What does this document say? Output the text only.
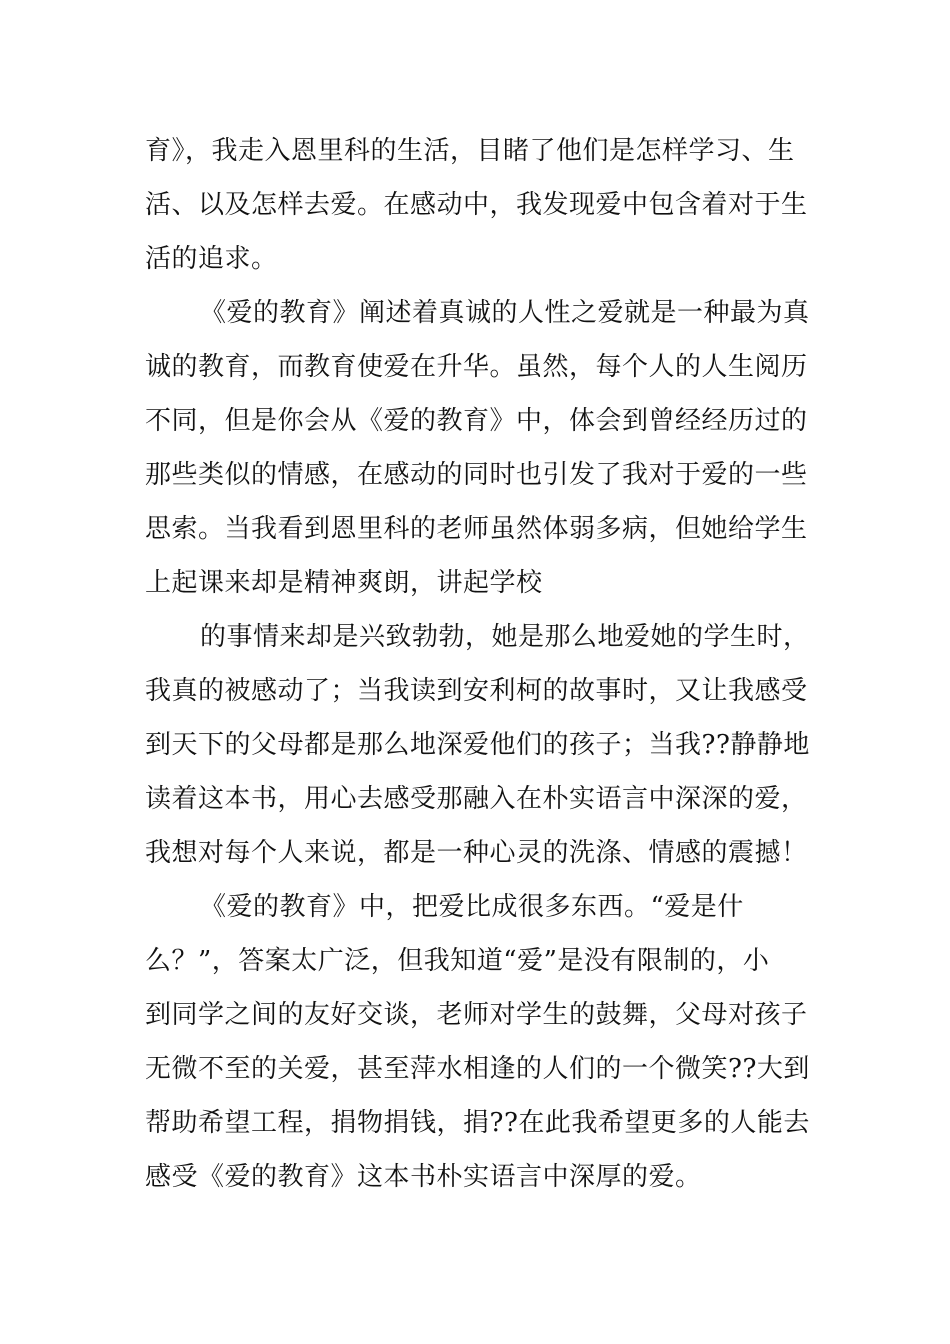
育》，我走入恩里科的生活，目睹了他们是怎样学习、生
活、以及怎样去爱。在感动中，我发现爱中包含着对于生
活的追求。
《爱的教育》阐述着真诚的人性之爱就是一种最为真
诚的教育，而教育使爱在升华。虽然，每个人的人生阅历
不同，但是你会从《爱的教育》中，体会到曾经经历过的
那些类似的情感，在感动的同时也引发了我对于爱的一些
思索。当我看到恩里科的老师虽然体弱多病，但她给学生
上起课来却是精神爽朗，讲起学校
的事情来却是兴致勃勃，她是那么地爱她的学生时，
我真的被感动了；当我读到安利柯的故事时，又让我感受
到天下的父母都是那么地深爱他们的孩子；当我??静静地
读着这本书，用心去感受那融入在朴实语言中深深的爱，
我想对每个人来说，都是一种心灵的洗涤、情感的震撼！
《爱的教育》中，把爱比成很多东西。“爱是什
么？”，答案太广泛，但我知道“爱”是没有限制的，小
到同学之间的友好交谈，老师对学生的鼓舞，父母对孩子
无微不至的关爱，甚至萍水相逢的人们的一个微笑??大到
帮助希望工程，捐物捐钱，捐??在此我希望更多的人能去
感受《爱的教育》这本书朴实语言中深厚的爱。
